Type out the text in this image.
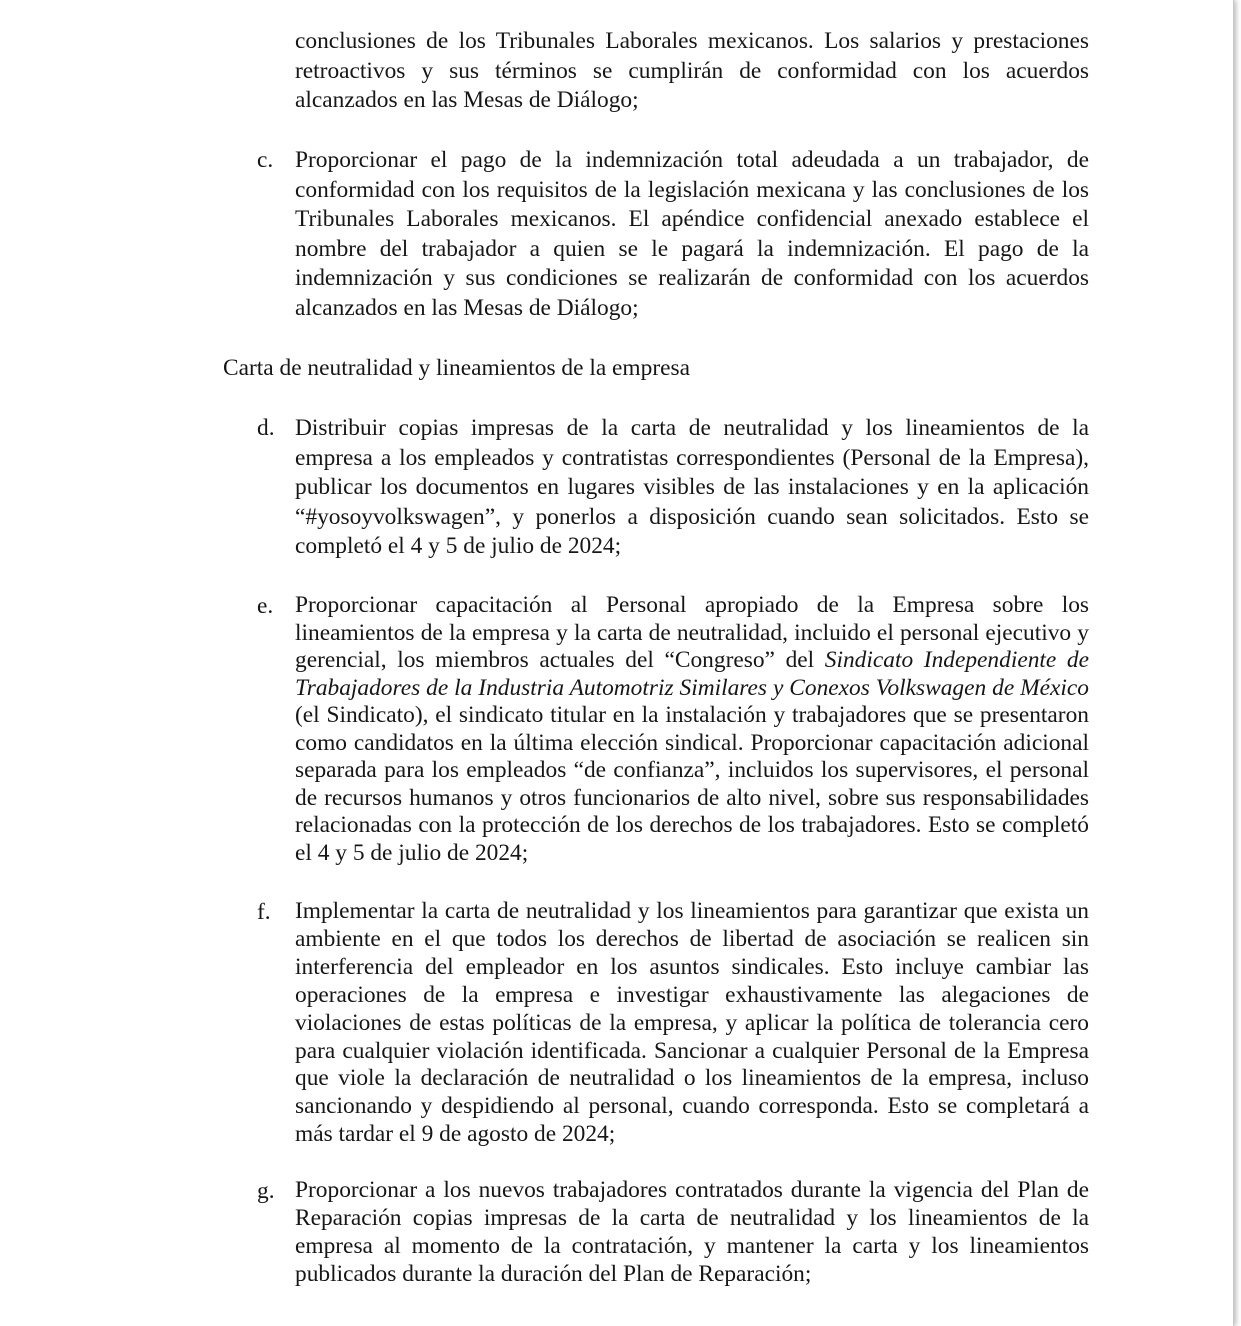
conclusiones de los Tribunales Laborales mexicanos. Los salarios y prestaciones retroactivos y sus términos se cumplirán de conformidad con los acuerdos alcanzados en las Mesas de Diálogo;
c. Proporcionar el pago de la indemnización total adeudada a un trabajador, de conformidad con los requisitos de la legislación mexicana y las conclusiones de los Tribunales Laborales mexicanos. El apéndice confidencial anexado establece el nombre del trabajador a quien se le pagará la indemnización. El pago de la indemnización y sus condiciones se realizarán de conformidad con los acuerdos alcanzados en las Mesas de Diálogo;
Carta de neutralidad y lineamientos de la empresa
d. Distribuir copias impresas de la carta de neutralidad y los lineamientos de la empresa a los empleados y contratistas correspondientes (Personal de la Empresa), publicar los documentos en lugares visibles de las instalaciones y en la aplicación “#yosoyvolkswagen”, y ponerlos a disposición cuando sean solicitados. Esto se completó el 4 y 5 de julio de 2024;
e. Proporcionar capacitación al Personal apropiado de la Empresa sobre los lineamientos de la empresa y la carta de neutralidad, incluido el personal ejecutivo y gerencial, los miembros actuales del “Congreso” del Sindicato Independiente de Trabajadores de la Industria Automotriz Similares y Conexos Volkswagen de México (el Sindicato), el sindicato titular en la instalación y trabajadores que se presentaron como candidatos en la última elección sindical. Proporcionar capacitación adicional separada para los empleados “de confianza”, incluidos los supervisores, el personal de recursos humanos y otros funcionarios de alto nivel, sobre sus responsabilidades relacionadas con la protección de los derechos de los trabajadores. Esto se completó el 4 y 5 de julio de 2024;
f.	Implementar la carta de neutralidad y los lineamientos para garantizar que exista un ambiente en el que todos los derechos de libertad de asociación se realicen sin interferencia del empleador en los asuntos sindicales. Esto incluye cambiar las operaciones de la empresa e investigar exhaustivamente las alegaciones de violaciones de estas políticas de la empresa, y aplicar la política de tolerancia cero para cualquier violación identificada. Sancionar a cualquier Personal de la Empresa que viole la declaración de neutralidad o los lineamientos de la empresa, incluso sancionando y despidiendo al personal, cuando corresponda. Esto se completará a más tardar el 9 de agosto de 2024;
g. Proporcionar a los nuevos trabajadores contratados durante la vigencia del Plan de Reparación copias impresas de la carta de neutralidad y los lineamientos de la empresa al momento de la contratación, y mantener la carta y los lineamientos publicados durante la duración del Plan de Reparación;
